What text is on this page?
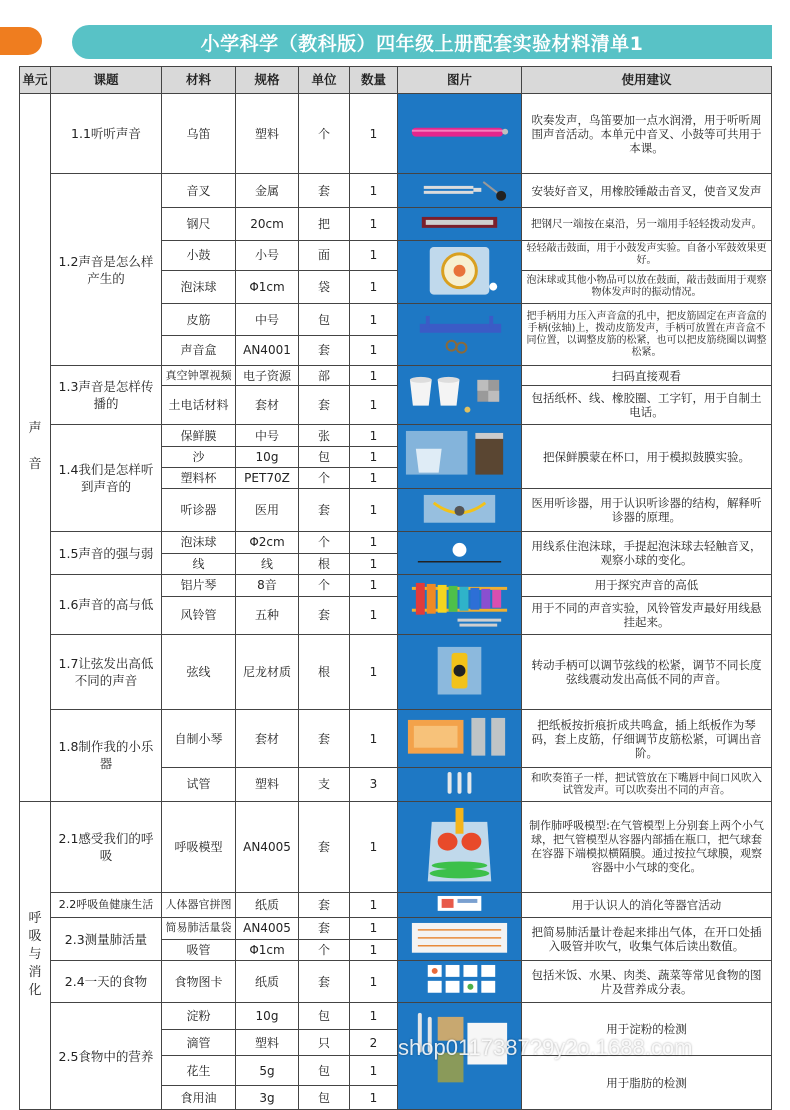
小学科学（教科版）四年级上册配套实验材料清单1
单元	课题	材料	规格	单位	数量	图片	使用建议
声

音	1.1听听声音	乌笛	塑料	个	1		吹奏发声，鸟笛要加一点水润滑，用于听听周围声音活动。本单元中音叉、小鼓等可共用于本课。
	1.2声音是怎么样产生的	音叉	金属	套	1		安装好音叉，用橡胶锤敲击音叉，使音叉发声
		钢尺	20cm	把	1		把钢尺一端按在桌沿，另一端用手轻轻拨动发声。
		小鼓	小号	面	1		轻轻敲击鼓面，用于小鼓发声实验。自备小军鼓效果更好。
		泡沫球	Φ1cm	袋	1		泡沫球或其他小物品可以放在鼓面，敲击鼓面用于观察物体发声时的振动情况。
		皮筋	中号	包	1		把手柄用力压入声音盒的孔中，把皮筋固定在声音盒的手柄(弦轴)上，拨动皮筋发声，手柄可放置在声音盒不同位置，以调整皮筋的松紧，也可以把皮筋绕圈以调整松紧。
		声音盒	AN4001	套	1		
	1.3声音是怎样传播的	真空钟罩视频	电子资源	部	1		扫码直接观看
		土电话材料	套材	套	1		包括纸杯、线、橡胶圈、工字钉，用于自制土电话。
	1.4我们是怎样听到声音的	保鲜膜	中号	张	1		把保鲜膜蒙在杯口，用于模拟鼓膜实验。
		沙	10g	包	1		
		塑料杯	PET70Z	个	1		
		听诊器	医用	套	1		医用听诊器，用于认识听诊器的结构，解释听诊器的原理。
	1.5声音的强与弱	泡沫球	Φ2cm	个	1		用线系住泡沫球，手提起泡沫球去轻触音叉，观察小球的变化。
		线	线	根	1		
	1.6声音的高与低	铝片琴	8音	个	1		用于探究声音的高低
		风铃管	五种	套	1		用于不同的声音实验，风铃管发声最好用线悬挂起来。
	1.7让弦发出高低不同的声音	弦线	尼龙材质	根	1		转动手柄可以调节弦线的松紧，调节不同长度弦线震动发出高低不同的声音。
	1.8制作我的小乐器	自制小琴	套材	套	1		把纸板按折痕折成共鸣盒，插上纸板作为琴码，套上皮筋，仔细调节皮筋松紧，可调出音阶。
		试管	塑料	支	3		和吹奏笛子一样，把试管放在下嘴唇中间口风吹入试管发声。可以吹奏出不同的声音。
呼
吸
与
消
化	2.1感受我们的呼吸	呼吸模型	AN4005	套	1		制作肺呼吸模型:在气管模型上分别套上两个小气球，把气管模型从容器内部插在瓶口，把气球套在容器下端模拟横隔膜。通过按拉气球膜，观察容器中小气球的变化。
	2.2呼吸鱼健康生活	人体器官拼图	纸质	套	1		用于认识人的消化等器官活动
	2.3测量肺活量	简易肺活量袋	AN4005	套	1		把简易肺活量计卷起来排出气体，在开口处插入吸管并吹气，收集气体后读出数值。
		吸管	Φ1cm	个	1		
	2.4一天的食物	食物图卡	纸质	套	1		包括米饭、水果、肉类、蔬菜等常见食物的图片及营养成分表。
	2.5食物中的营养	淀粉	10g	包	1		用于淀粉的检测
		滴管	塑料	只	2		
		花生	5g	包	1		用于脂肪的检测
		食用油	3g	包	1		
shop0117387?9y2o.1688.com
